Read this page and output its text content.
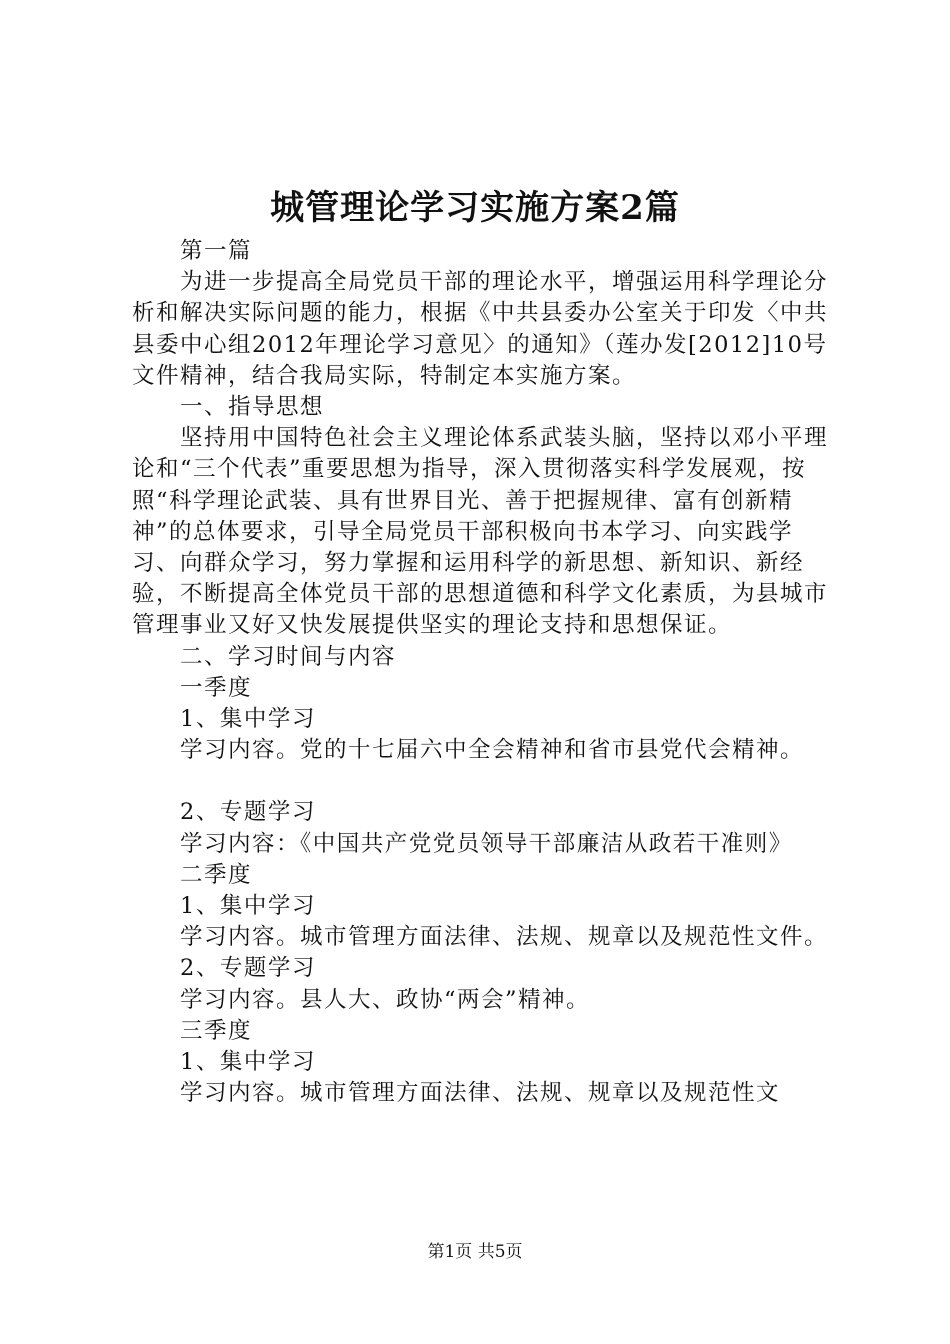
城管理论学习实施方案2篇

第一篇

为进一步提高全局党员干部的理论水平，增强运用科学理论分析和解决实际问题的能力，根据《中共县委办公室关于印发〈中共县委中心组2012年理论学习意见〉的通知》（莲办发[2012]10号文件精神，结合我局实际，特制定本实施方案。

一、指导思想

坚持用中国特色社会主义理论体系武装头脑，坚持以邓小平理论和“三个代表”重要思想为指导，深入贯彻落实科学发展观，按照“科学理论武装、具有世界目光、善于把握规律、富有创新精神”的总体要求，引导全局党员干部积极向书本学习、向实践学习、向群众学习，努力掌握和运用科学的新思想、新知识、新经验，不断提高全体党员干部的思想道德和科学文化素质，为县城市管理事业又好又快发展提供坚实的理论支持和思想保证。

二、学习时间与内容

一季度

1、集中学习

学习内容。党的十七届六中全会精神和省市县党代会精神。

2、专题学习

学习内容：《中国共产党党员领导干部廉洁从政若干准则》

二季度

1、集中学习

学习内容。城市管理方面法律、法规、规章以及规范性文件。

2、专题学习

学习内容。县人大、政协“两会”精神。

三季度

1、集中学习

学习内容。城市管理方面法律、法规、规章以及规范性文

第1页 共5页
